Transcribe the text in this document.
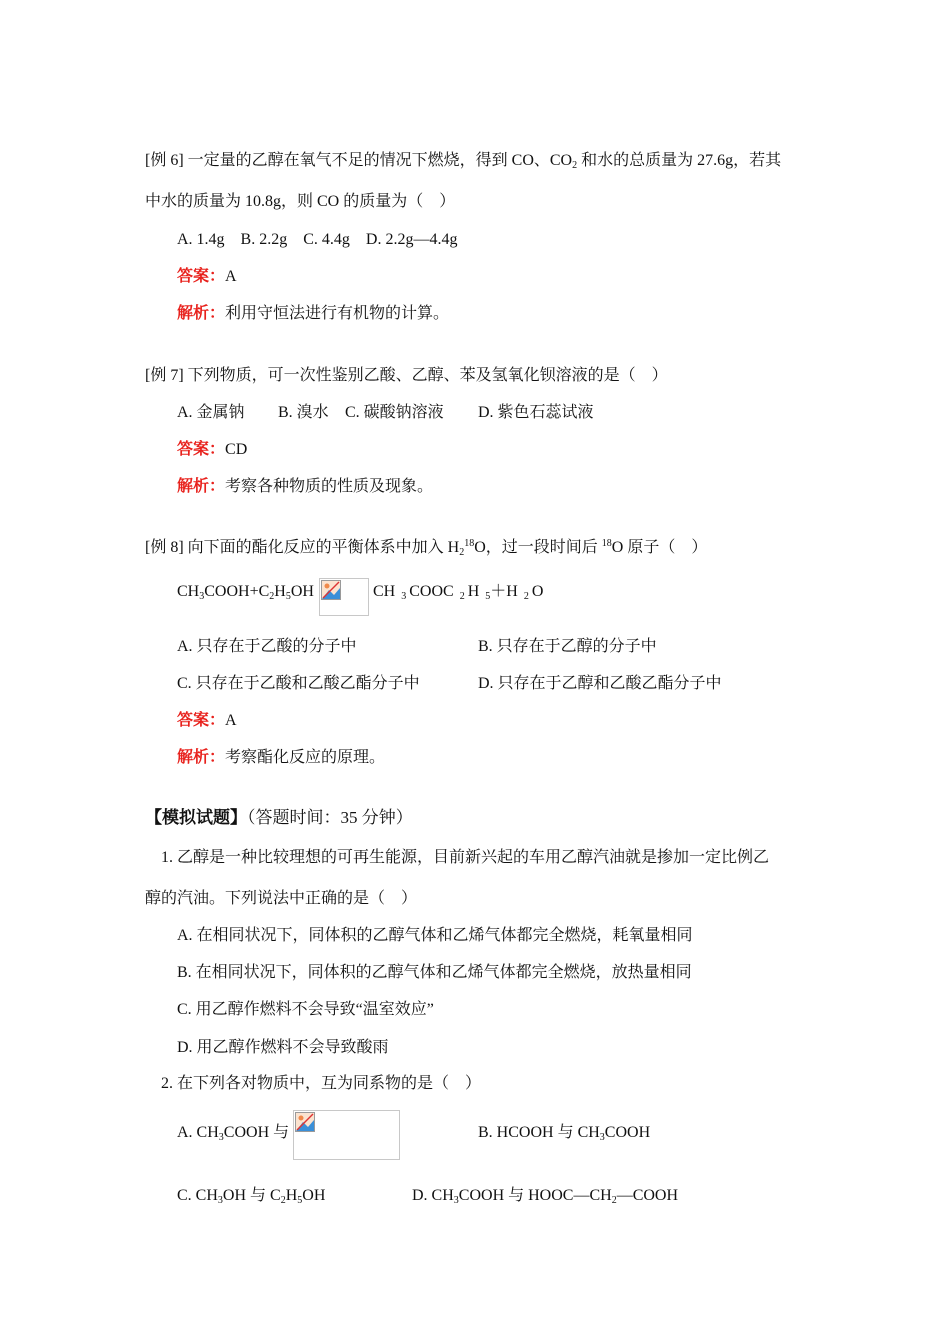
[例 6] 一定量的乙醇在氧气不足的情况下燃烧，得到 CO、$CO_2$ 和水的总质量为 27.6g，若其
中水的质量为 10.8g，则 CO 的质量为（　）
A. 1.4g　B. 2.2g　C. 4.4g　D. 2.2g—4.4g
答案：A
解析：利用守恒法进行有机物的计算。
[例 7] 下列物质，可一次性鉴别乙酸、乙醇、苯及氢氧化钡溶液的是（　）
A. 金属钠 B. 溴水 C. 碳酸钠溶液 D. 紫色石蕊试液
答案：CD
解析：考察各种物质的性质及现象。
[例 8] 向下面的酯化反应的平衡体系中加入 $H_2^{18}O$，过一段时间后 $^{18}$O 原子（　）
$CH_3COOH+C_2H_5OH$	CH $_3$ COOC $_2$ H $_5$＋H $_2$ O
A. 只存在于乙酸的分子中	B. 只存在于乙醇的分子中
C. 只存在于乙酸和乙酸乙酯分子中	D. 只存在于乙醇和乙酸乙酯分子中
答案：A
解析：考察酯化反应的原理。
【模拟试题】（答题时间：35 分钟）
1. 乙醇是一种比较理想的可再生能源，目前新兴起的车用乙醇汽油就是掺加一定比例乙
醇的汽油。下列说法中正确的是（　）
A. 在相同状况下，同体积的乙醇气体和乙烯气体都完全燃烧，耗氧量相同
B. 在相同状况下，同体积的乙醇气体和乙烯气体都完全燃烧，放热量相同
C. 用乙醇作燃料不会导致“温室效应”
D. 用乙醇作燃料不会导致酸雨
2. 在下列各对物质中，互为同系物的是（　）
A. $CH_3COOH$ 与	B. HCOOH 与 $CH_3COOH$
C. $CH_3OH$ 与 $C_2H_5OH$	D. $CH_3COOH$ 与 $HOOC—CH_2—COOH$
